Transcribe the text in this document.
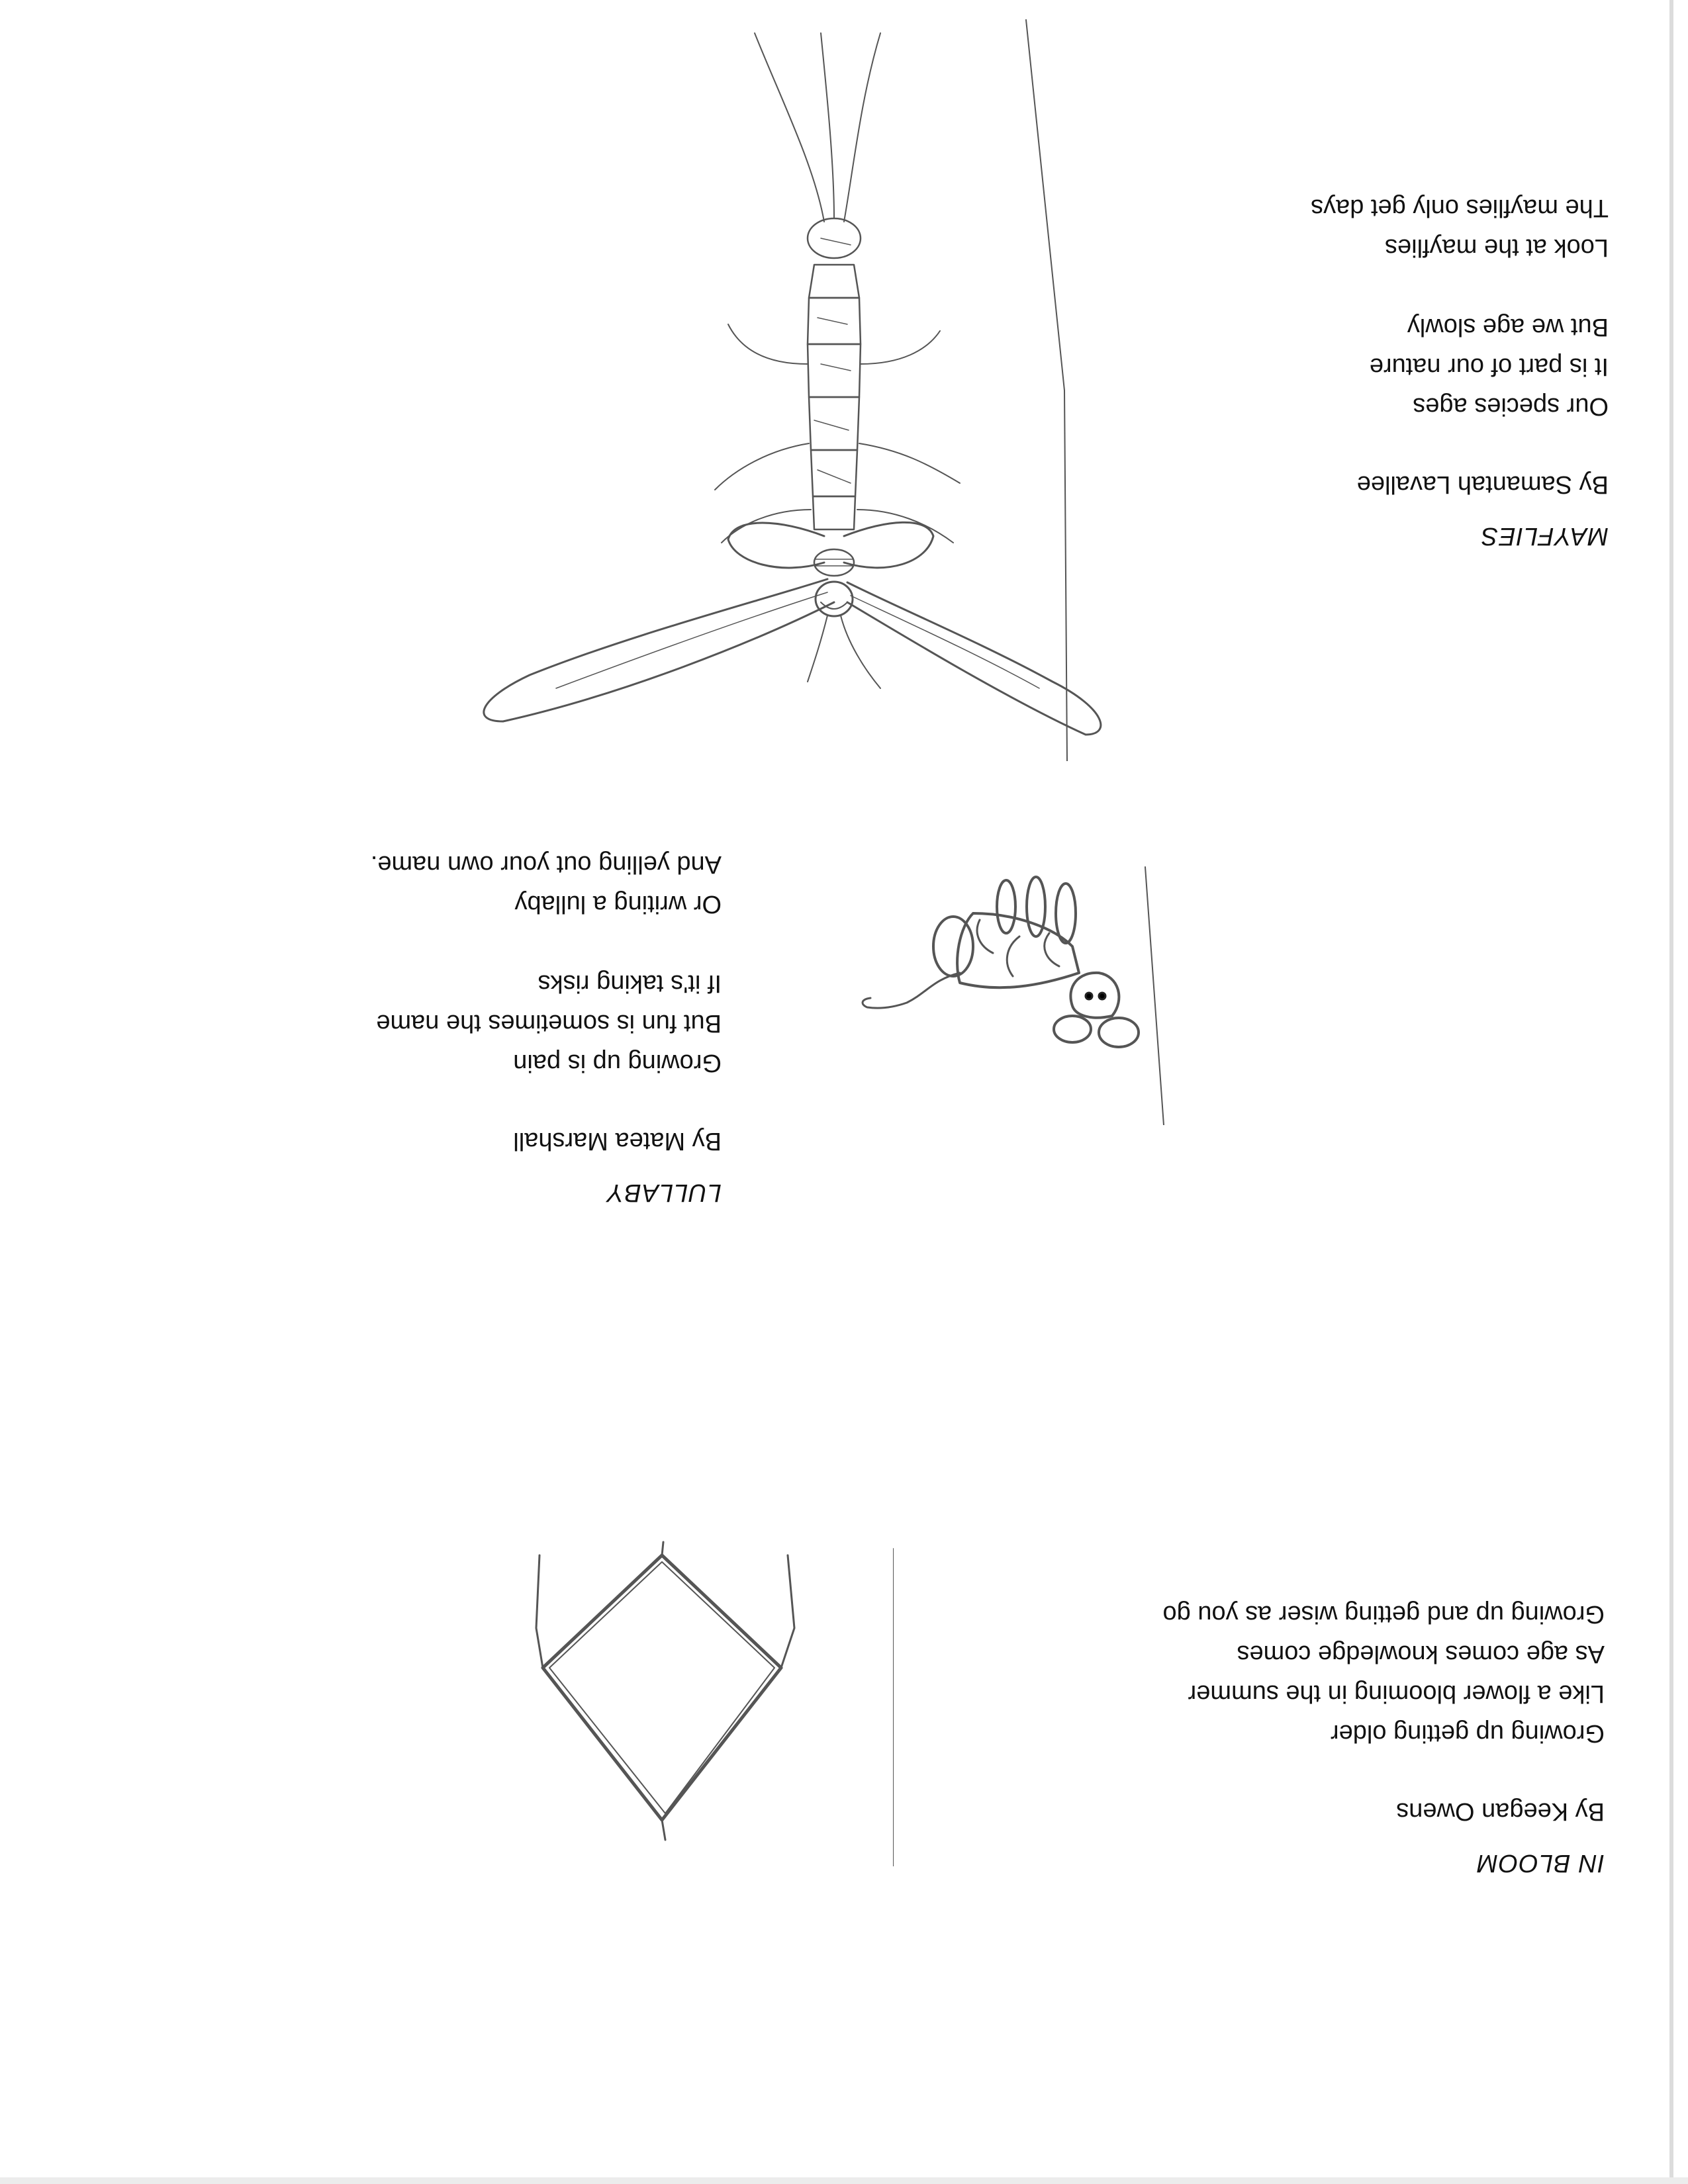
MAYFLIES
By Samantah Lavallee
Our species ages
It is part of our nature
But we age slowly
Look at the mayflies
The mayflies only get days
LULLABY
By Matea Marshall
Growing up is pain
But fun is sometimes the name
If it's taking risks
Or writing a lullaby
And yelling out your own name.
IN BLOOM
By Keegan Owens
Growing up getting older
Like a flower blooming in the summer
As age comes knowledge comes
Growing up and getting wiser as you go
